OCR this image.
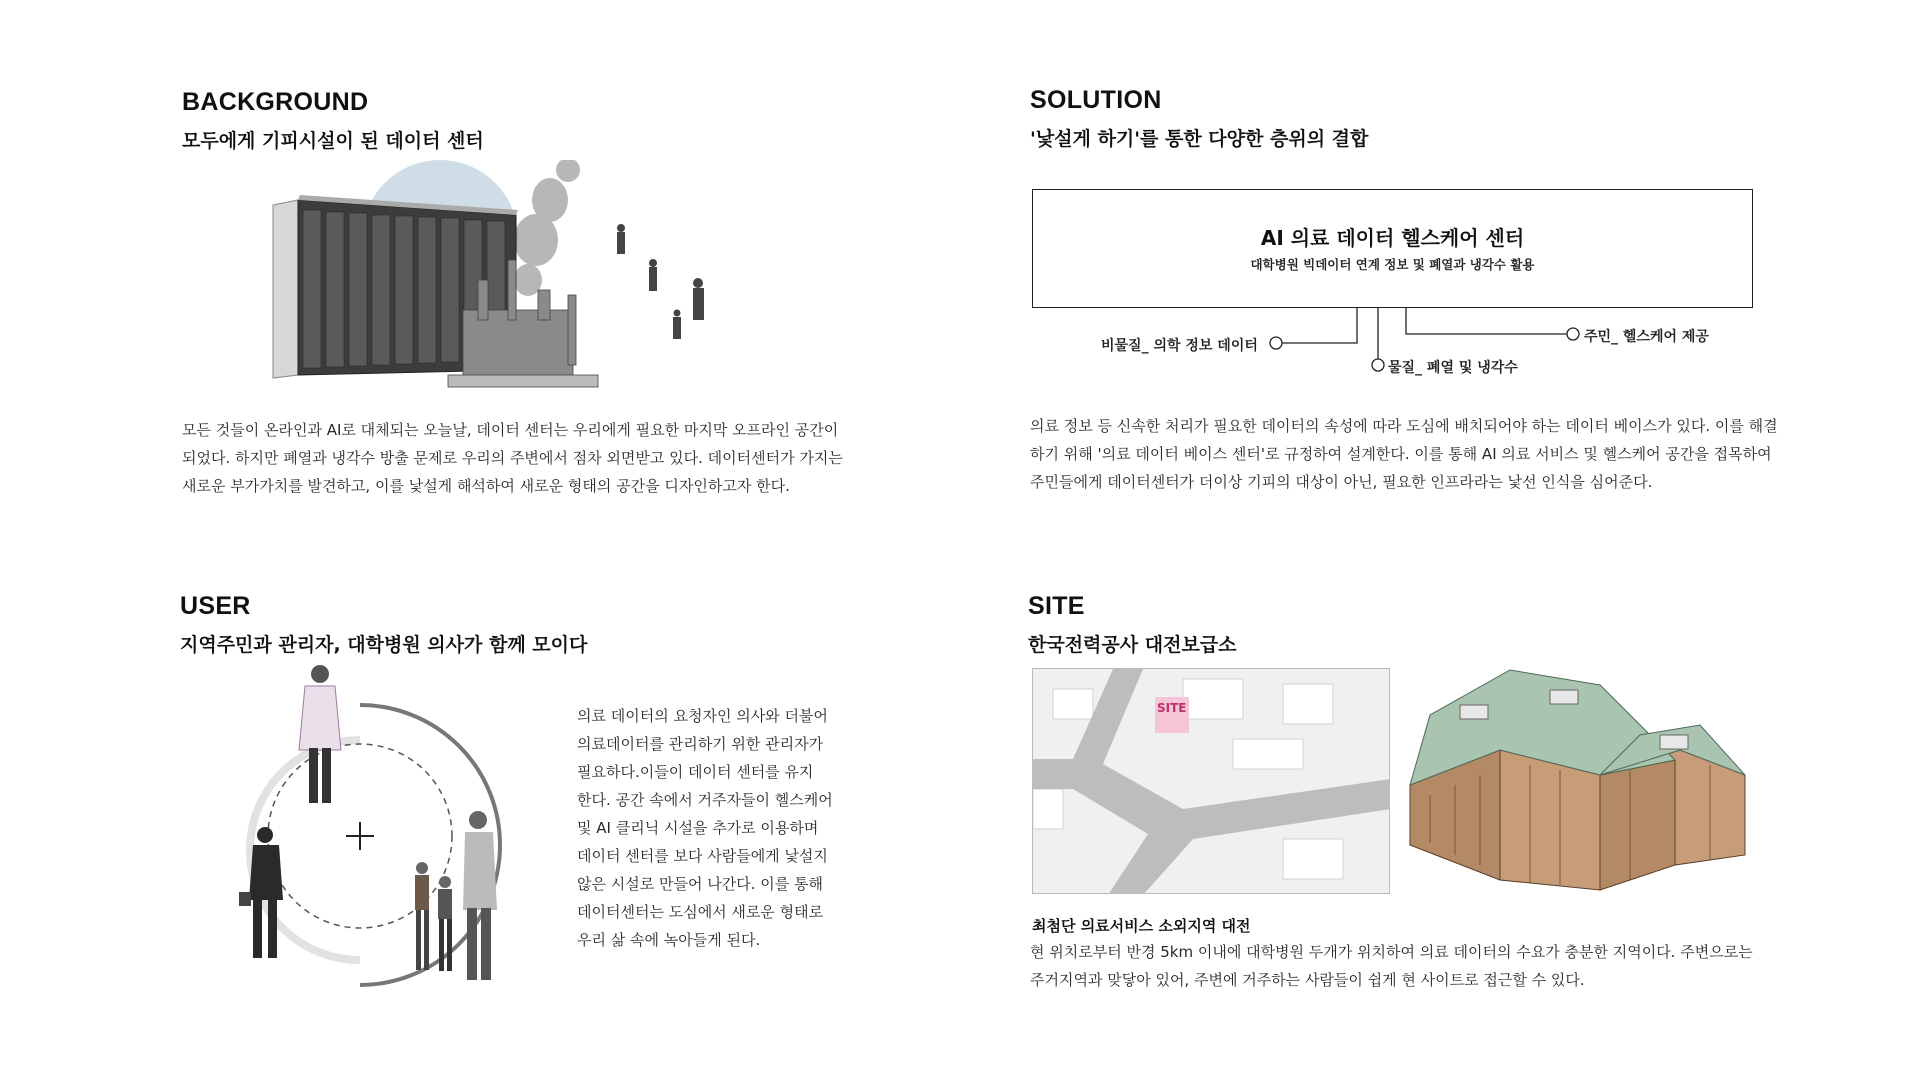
BACKGROUND
모두에게 기피시설이 된 데이터 센터

모든 것들이 온라인과 AI로 대체되는 오늘날, 데이터 센터는 우리에게 필요한 마지막 오프라인 공간이

되었다. 하지만 폐열과 냉각수 방출 문제로 우리의 주변에서 점차 외면받고 있다. 데이터센터가 가지는

새로운 부가가치를 발견하고, 이를 낯설게 해석하여 새로운 형태의 공간을 디자인하고자 한다.

SOLUTION
'낯설게 하기'를 통한 다양한 층위의 결합
AI 의료 데이터 헬스케어 센터
대학병원 빅데이터 연계 정보 및 폐열과 냉각수 활용
비물질_ 의학 정보 데이터
물질_ 폐열 및 냉각수
주민_ 헬스케어 제공

의료 정보 등 신속한 처리가 필요한 데이터의 속성에 따라 도심에 배치되어야 하는 데이터 베이스가 있다. 이를 해결

하기 위해 '의료 데이터 베이스 센터'로 규정하여 설계한다. 이를 통해 AI 의료 서비스 및 헬스케어 공간을 접목하여

주민들에게 데이터센터가 더이상 기피의 대상이 아닌, 필요한 인프라라는 낯선 인식을 심어준다.

USER
지역주민과 관리자, 대학병원 의사가 함께 모이다

의료 데이터의 요청자인 의사와 더불어

의료데이터를 관리하기 위한 관리자가

필요하다.이들이 데이터 센터를 유지

한다. 공간 속에서 거주자들이 헬스케어

및 AI 클리닉 시설을 추가로 이용하며

데이터 센터를 보다 사람들에게 낯설지

않은 시설로 만들어 나간다. 이를 통해

데이터센터는 도심에서 새로운 형태로

우리 삶 속에 녹아들게 된다.

SITE
한국전력공사 대전보급소
SITE
최첨단 의료서비스 소외지역 대전

현 위치로부터 반경 5km 이내에 대학병원 두개가 위치하여 의료 데이터의 수요가 충분한 지역이다. 주변으로는

주거지역과 맞닿아 있어, 주변에 거주하는 사람들이 쉽게 현 사이트로 접근할 수 있다.
